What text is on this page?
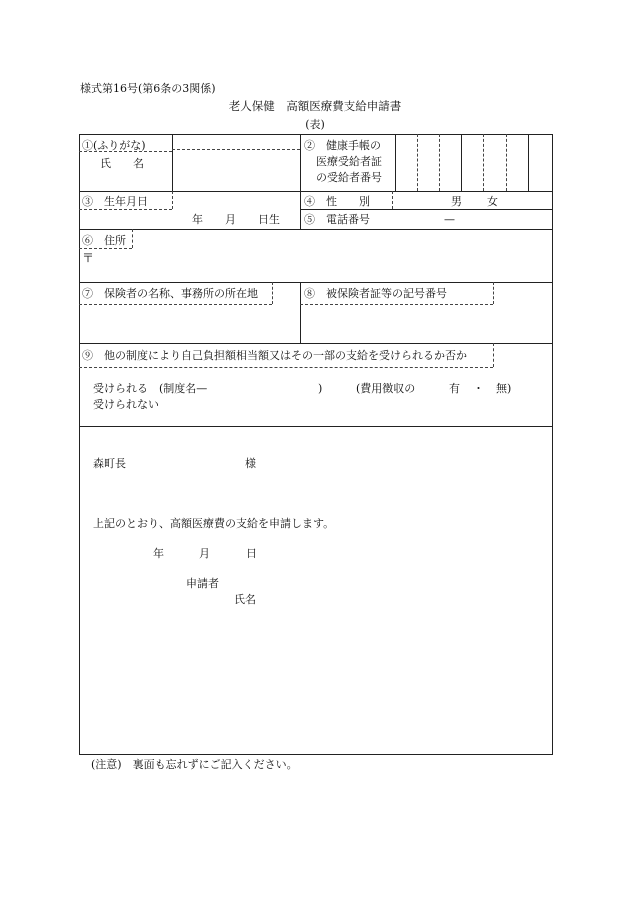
様式第16号(第6条の3関係)
老人保健　高額医療費支給申請書
(表)
①(ふりがな)
氏　　名
②　健康手帳の
医療受給者証
の受給者番号
③　生年月日
年　　月　　日生
④　性　　別	男 女
⑤　電話番号	—
⑥　住所
〒
⑦　保険者の名称、事務所の所在地	⑧　被保険者証等の記号番号
⑨　他の制度により自己負担額相当額又はその一部の支給を受けられるか否か
受けられる　(制度名—	)	(費用徴収の	有 ・ 無)
受けられない
森町長	様
上記のとおり、高額医療費の支給を申請します。
年	月	日
申請者
氏名
(注意)　裏面も忘れずにご記入ください。
